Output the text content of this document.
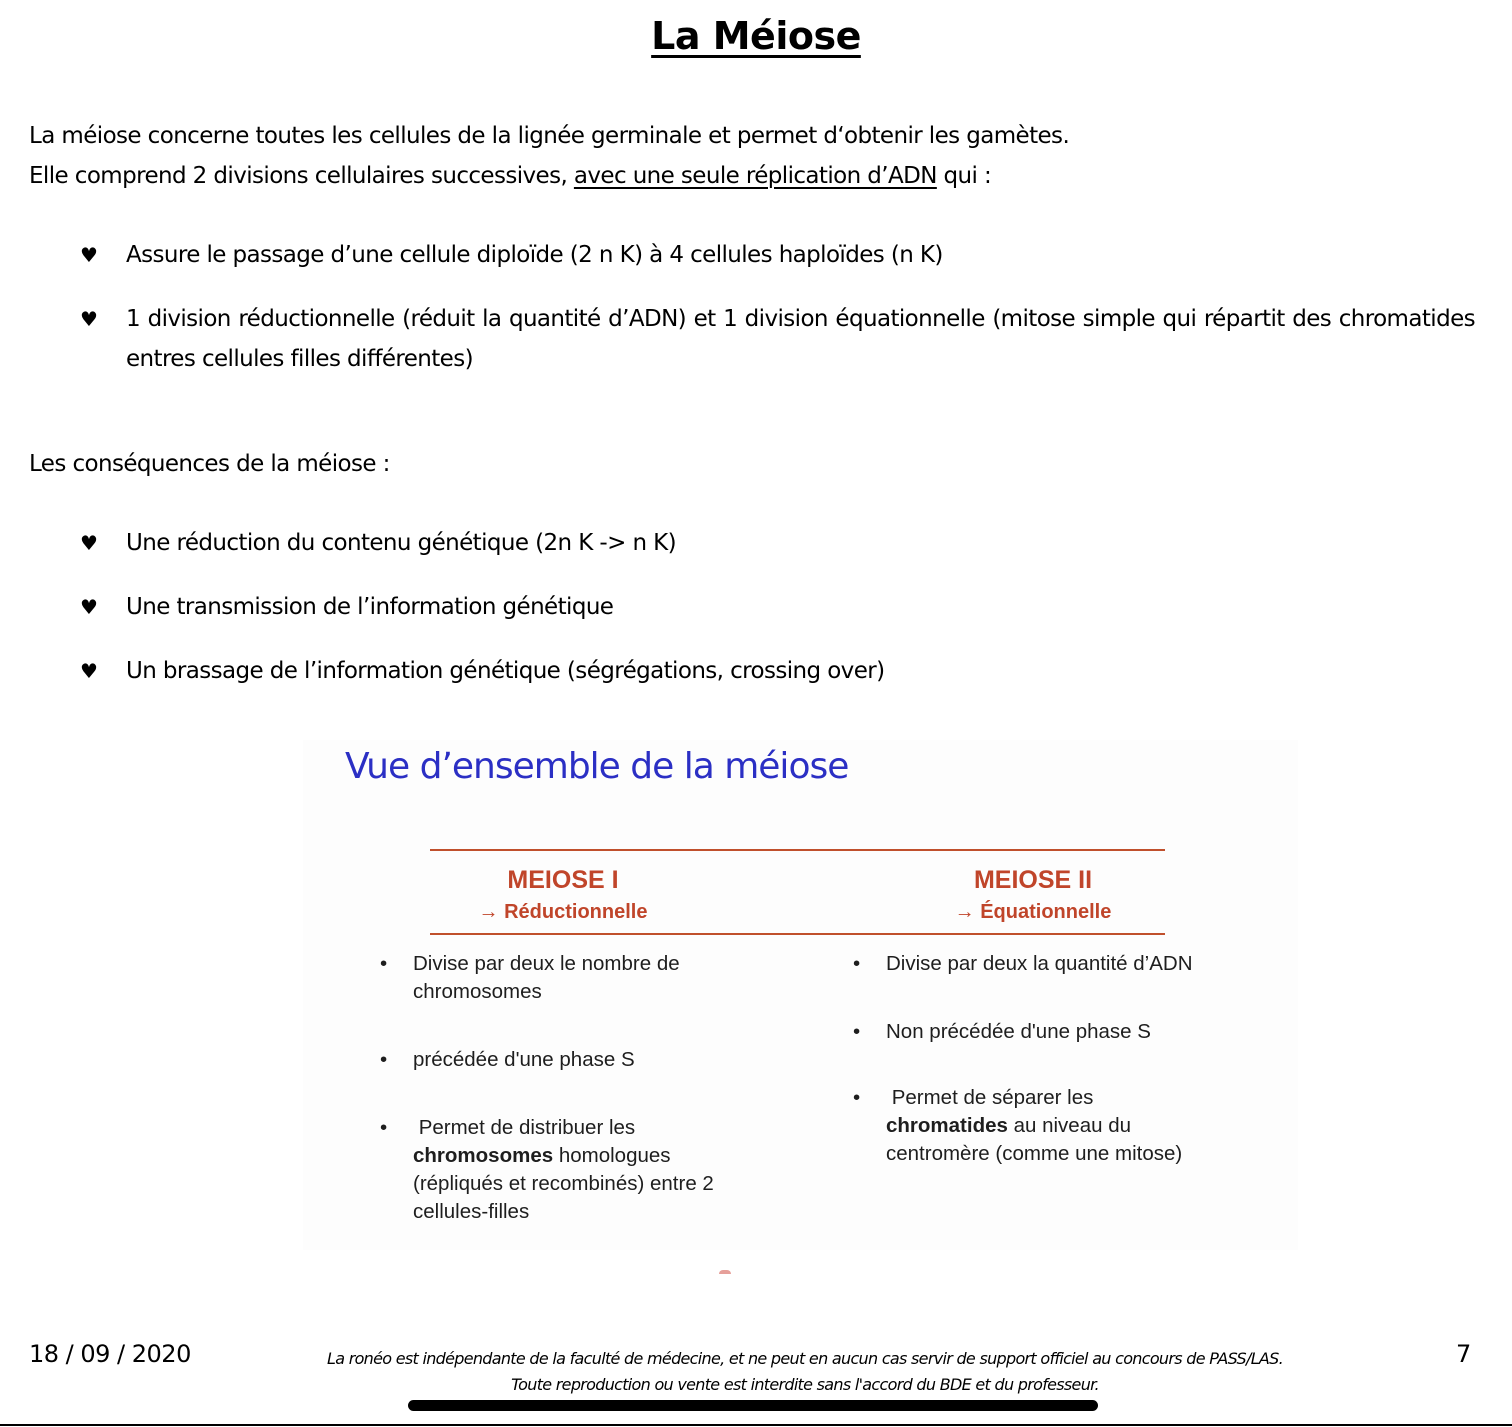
La Méiose
La méiose concerne toutes les cellules de la lignée germinale et permet d‘obtenir les gamètes.
Elle comprend 2 divisions cellulaires successives, avec une seule réplication d’ADN qui :
♥ Assure le passage d’une cellule diploïde (2 n K) à 4 cellules haploïdes (n K)
♥ 1 division réductionnelle (réduit la quantité d’ADN) et 1 division équationnelle (mitose simple qui répartit des chromatides entres cellules filles différentes)
Les conséquences de la méiose :
♥ Une réduction du contenu génétique (2n K -> n K)
♥ Une transmission de l’information génétique
♥ Un brassage de l’information génétique (ségrégations, crossing over)
Vue d’ensemble de la méiose
MEIOSE I
→ Réductionnelle
MEIOSE II
→ Équationnelle
• Divise par deux le nombre de chromosomes
• précédée d'une phase S
• Permet de distribuer les
chromosomes homologues (répliqués et recombinés) entre 2 cellules-filles
• Divise par deux la quantité d’ADN
• Non précédée d'une phase S
• Permet de séparer les
chromatides au niveau du centromère (comme une mitose)
18 / 09 / 2020	La ronéo est indépendante de la faculté de médecine, et ne peut en aucun cas servir de support officiel au concours de PASS/LAS.
Toute reproduction ou vente est interdite sans l'accord du BDE et du professeur.
7
